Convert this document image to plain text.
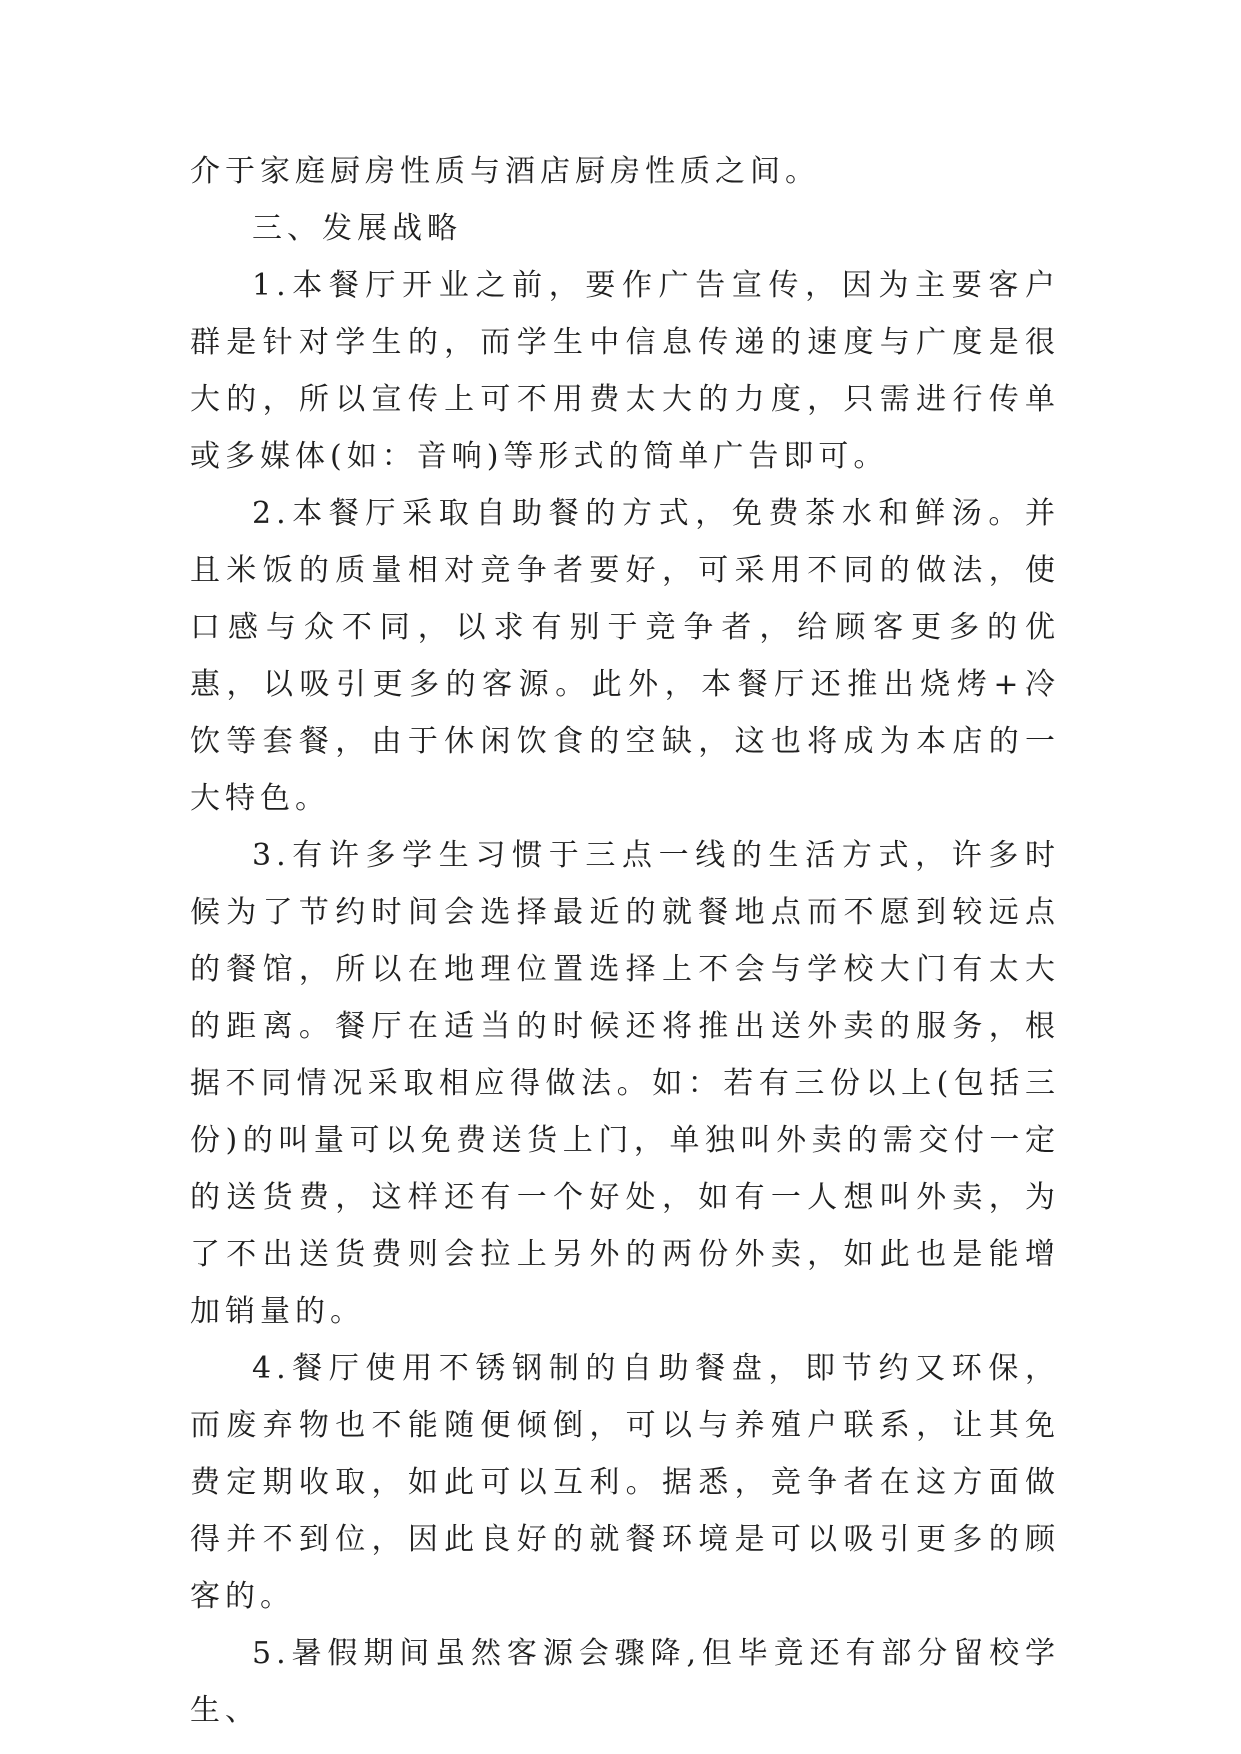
介于家庭厨房性质与酒店厨房性质之间。

三、发展战略

1.本餐厅开业之前，要作广告宣传，因为主要客户群是针对学生的，而学生中信息传递的速度与广度是很大的，所以宣传上可不用费太大的力度，只需进行传单或多媒体(如：音响)等形式的简单广告即可。

2.本餐厅采取自助餐的方式，免费茶水和鲜汤。并且米饭的质量相对竞争者要好，可采用不同的做法，使口感与众不同，以求有别于竞争者，给顾客更多的优惠，以吸引更多的客源。此外，本餐厅还推出烧烤+冷饮等套餐，由于休闲饮食的空缺，这也将成为本店的一大特色。

3.有许多学生习惯于三点一线的生活方式，许多时候为了节约时间会选择最近的就餐地点而不愿到较远点的餐馆，所以在地理位置选择上不会与学校大门有太大的距离。餐厅在适当的时候还将推出送外卖的服务，根据不同情况采取相应得做法。如：若有三份以上(包括三份)的叫量可以免费送货上门，单独叫外卖的需交付一定的送货费，这样还有一个好处，如有一人想叫外卖，为了不出送货费则会拉上另外的两份外卖，如此也是能增加销量的。

4.餐厅使用不锈钢制的自助餐盘，即节约又环保，而废弃物也不能随便倾倒，可以与养殖户联系，让其免费定期收取，如此可以互利。据悉，竞争者在这方面做得并不到位，因此良好的就餐环境是可以吸引更多的顾客的。

5.暑假期间虽然客源会骤降,但毕竟还有部分留校学生、
